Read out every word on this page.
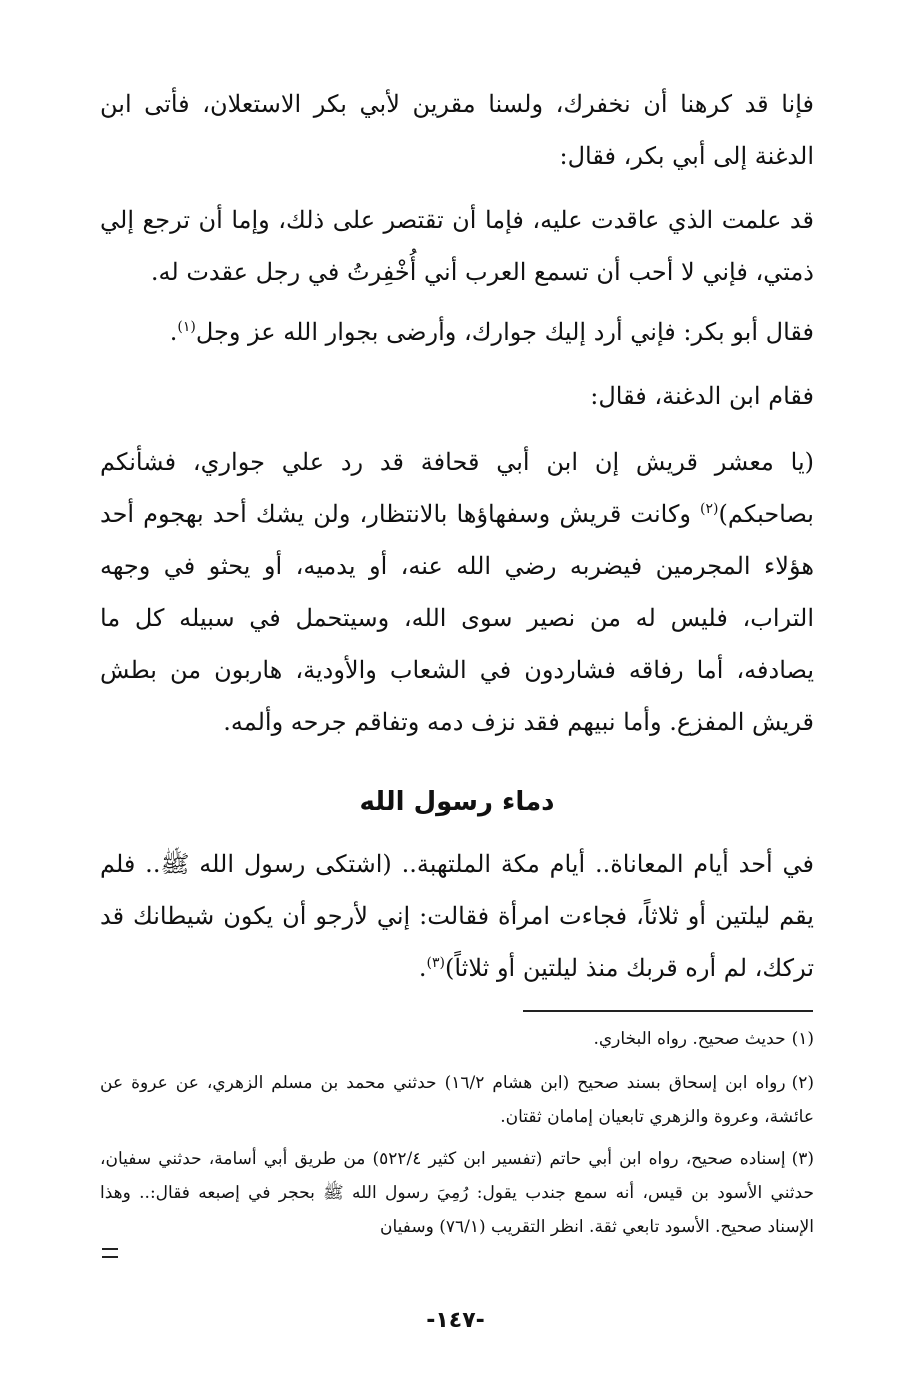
فإنا قد كرهنا أن نخفرك، ولسنا مقرين لأبي بكر الاستعلان، فأتى ابن الدغنة إلى أبي بكر، فقال:

قد علمت الذي عاقدت عليه، فإما أن تقتصر على ذلك، وإما أن ترجع إلي ذمتي، فإني لا أحب أن تسمع العرب أني أُخْفِرتُ في رجل عقدت له.

فقال أبو بكر: فإني أرد إليك جوارك، وأرضى بجوار الله عز وجل$^{(١)}$.

فقام ابن الدغنة، فقال:

(يا معشر قريش إن ابن أبي قحافة قد رد علي جواري، فشأنكم بصاحبكم)$^{(٢)}$ وكانت قريش وسفهاؤها بالانتظار، ولن يشك أحد بهجوم أحد هؤلاء المجرمين فيضربه رضي الله عنه، أو يدميه، أو يحثو في وجهه التراب، فليس له من نصير سوى الله، وسيتحمل في سبيله كل ما يصادفه، أما رفاقه فشاردون في الشعاب والأودية، هاربون من بطش قريش المفزع. وأما نبيهم فقد نزف دمه وتفاقم جرحه وألمه.

دماء رسول الله

في أحد أيام المعاناة.. أيام مكة الملتهبة.. (اشتكى رسول الله ﷺ.. فلم يقم ليلتين أو ثلاثاً، فجاءت امرأة فقالت: إني لأرجو أن يكون شيطانك قد تركك، لم أره قربك منذ ليلتين أو ثلاثاً)$^{(٣)}$.

(١)حديث صحيح. رواه البخاري.

(٢)رواه ابن إسحاق بسند صحيح (ابن هشام ١٦/٢) حدثني محمد بن مسلم الزهري، عن عروة عن عائشة، وعروة والزهري تابعيان إمامان ثقتان.

(٣)إسناده صحيح، رواه ابن أبي حاتم (تفسير ابن كثير ٥٢٢/٤) من طريق أبي أسامة، حدثني سفيان، حدثني الأسود بن قيس، أنه سمع جندب يقول: رُمِيَ رسول الله ﷺ بحجر في إصبعه فقال:.. وهذا الإسناد صحيح. الأسود تابعي ثقة. انظر التقريب (٧٦/١) وسفيان

-١٤٧-
